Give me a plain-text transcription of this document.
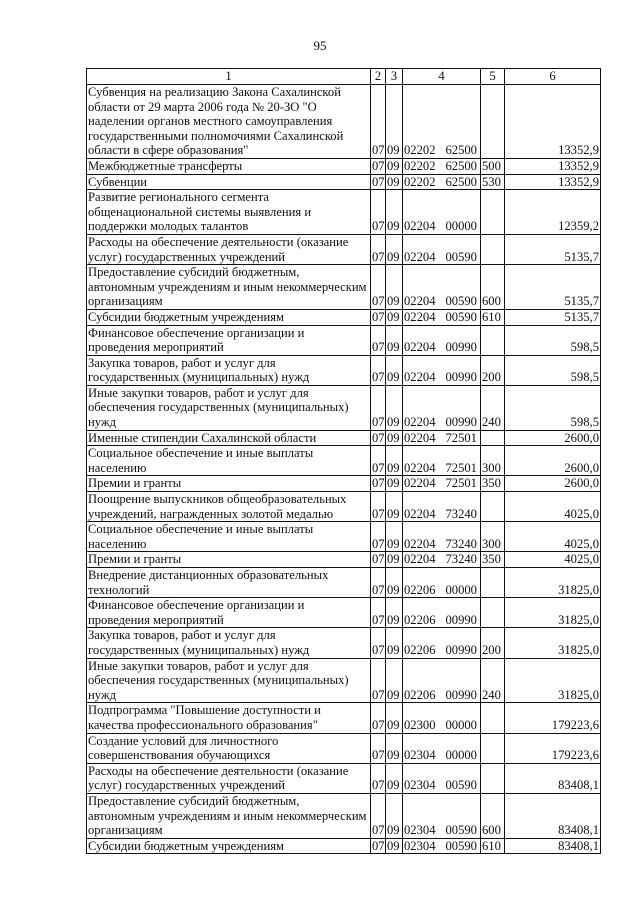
95
1	2	3	4	5	6
Субвенция на реализацию Закона Сахалинской области от 29 марта 2006 года № 20-ЗО "О наделении органов местного самоуправления государственными полномочиями Сахалинской области в сфере образования"	07	09	02202 62500		13352,9
Межбюджетные трансферты	07	09	02202 62500	500	13352,9
Субвенции	07	09	02202 62500	530	13352,9
Развитие регионального сегмента общенациональной системы выявления и поддержки молодых талантов	07	09	02204 00000		12359,2
Расходы на обеспечение деятельности (оказание услуг) государственных учреждений	07	09	02204 00590		5135,7
Предоставление субсидий бюджетным, автономным учреждениям и иным некоммерческим организациям	07	09	02204 00590	600	5135,7
Субсидии бюджетным учреждениям	07	09	02204 00590	610	5135,7
Финансовое обеспечение организации и проведения мероприятий	07	09	02204 00990		598,5
Закупка товаров, работ и услуг для государственных (муниципальных) нужд	07	09	02204 00990	200	598,5
Иные закупки товаров, работ и услуг для обеспечения государственных (муниципальных) нужд	07	09	02204 00990	240	598,5
Именные стипендии Сахалинской области	07	09	02204 72501		2600,0
Социальное обеспечение и иные выплаты населению	07	09	02204 72501	300	2600,0
Премии и гранты	07	09	02204 72501	350	2600,0
Поощрение выпускников общеобразовательных учреждений, награжденных золотой медалью	07	09	02204 73240		4025,0
Социальное обеспечение и иные выплаты населению	07	09	02204 73240	300	4025,0
Премии и гранты	07	09	02204 73240	350	4025,0
Внедрение дистанционных образовательных технологий	07	09	02206 00000		31825,0
Финансовое обеспечение организации и проведения мероприятий	07	09	02206 00990		31825,0
Закупка товаров, работ и услуг для государственных (муниципальных) нужд	07	09	02206 00990	200	31825,0
Иные закупки товаров, работ и услуг для обеспечения государственных (муниципальных) нужд	07	09	02206 00990	240	31825,0
Подпрограмма "Повышение доступности и качества профессионального образования"	07	09	02300 00000		179223,6
Создание условий для личностного совершенствования обучающихся	07	09	02304 00000		179223,6
Расходы на обеспечение деятельности (оказание услуг) государственных учреждений	07	09	02304 00590		83408,1
Предоставление субсидий бюджетным, автономным учреждениям и иным некоммерческим организациям	07	09	02304 00590	600	83408,1
Субсидии бюджетным учреждениям	07	09	02304 00590	610	83408,1
